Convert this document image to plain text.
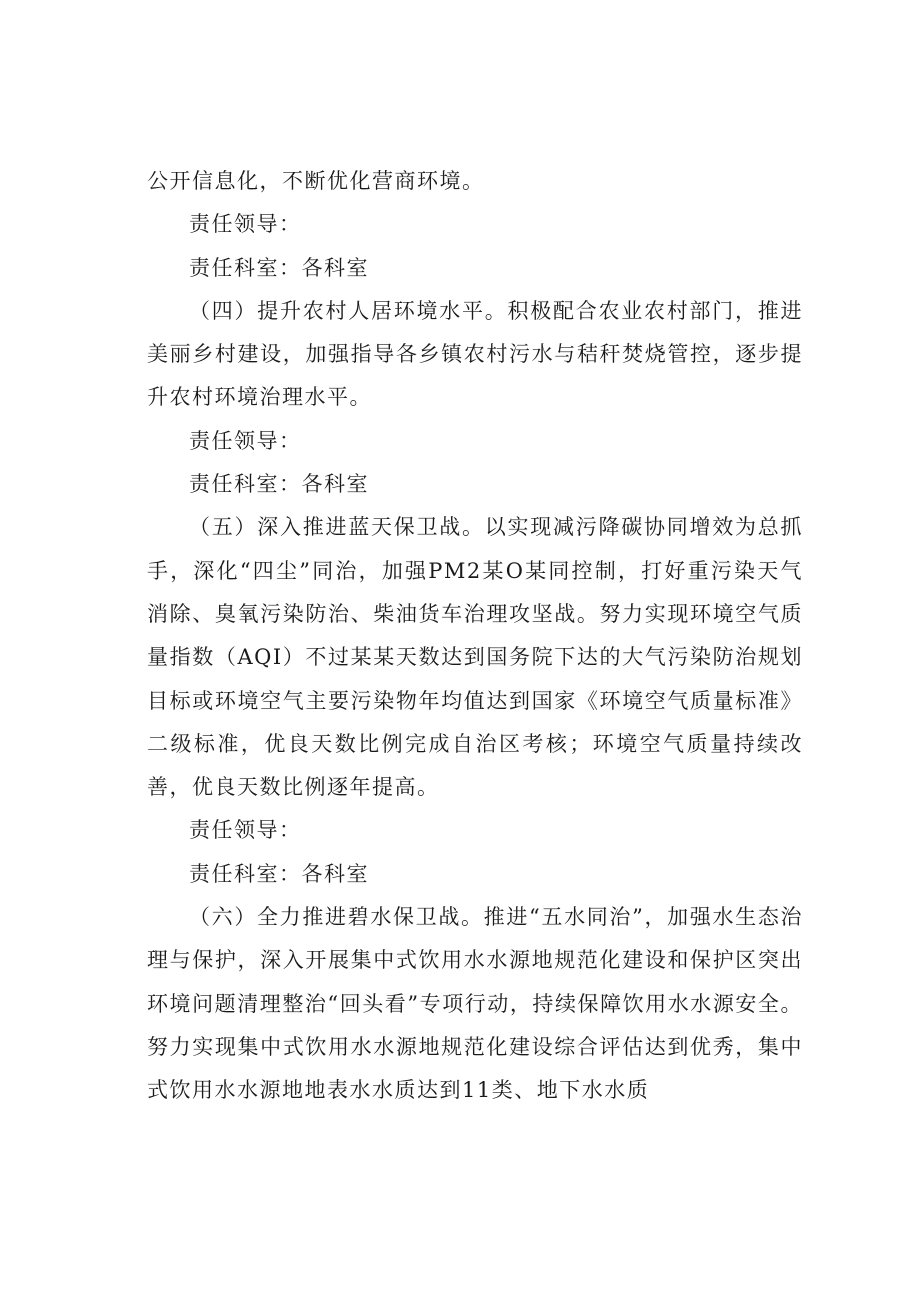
公开信息化，不断优化营商环境。

责任领导：

责任科室：各科室

（四）提升农村人居环境水平。积极配合农业农村部门，推进美丽乡村建设，加强指导各乡镇农村污水与秸秆焚烧管控，逐步提升农村环境治理水平。

责任领导：

责任科室：各科室

（五）深入推进蓝天保卫战。以实现减污降碳协同增效为总抓手，深化“四尘”同治，加强PM2某O某同控制，打好重污染天气消除、臭氧污染防治、柴油货车治理攻坚战。努力实现环境空气质量指数（AQI）不过某某天数达到国务院下达的大气污染防治规划目标或环境空气主要污染物年均值达到国家《环境空气质量标准》二级标准，优良天数比例完成自治区考核；环境空气质量持续改善，优良天数比例逐年提高。

责任领导：

责任科室：各科室

（六）全力推进碧水保卫战。推进“五水同治”，加强水生态治理与保护，深入开展集中式饮用水水源地规范化建设和保护区突出环境问题清理整治“回头看”专项行动，持续保障饮用水水源安全。努力实现集中式饮用水水源地规范化建设综合评估达到优秀，集中式饮用水水源地地表水水质达到11类、地下水水质
